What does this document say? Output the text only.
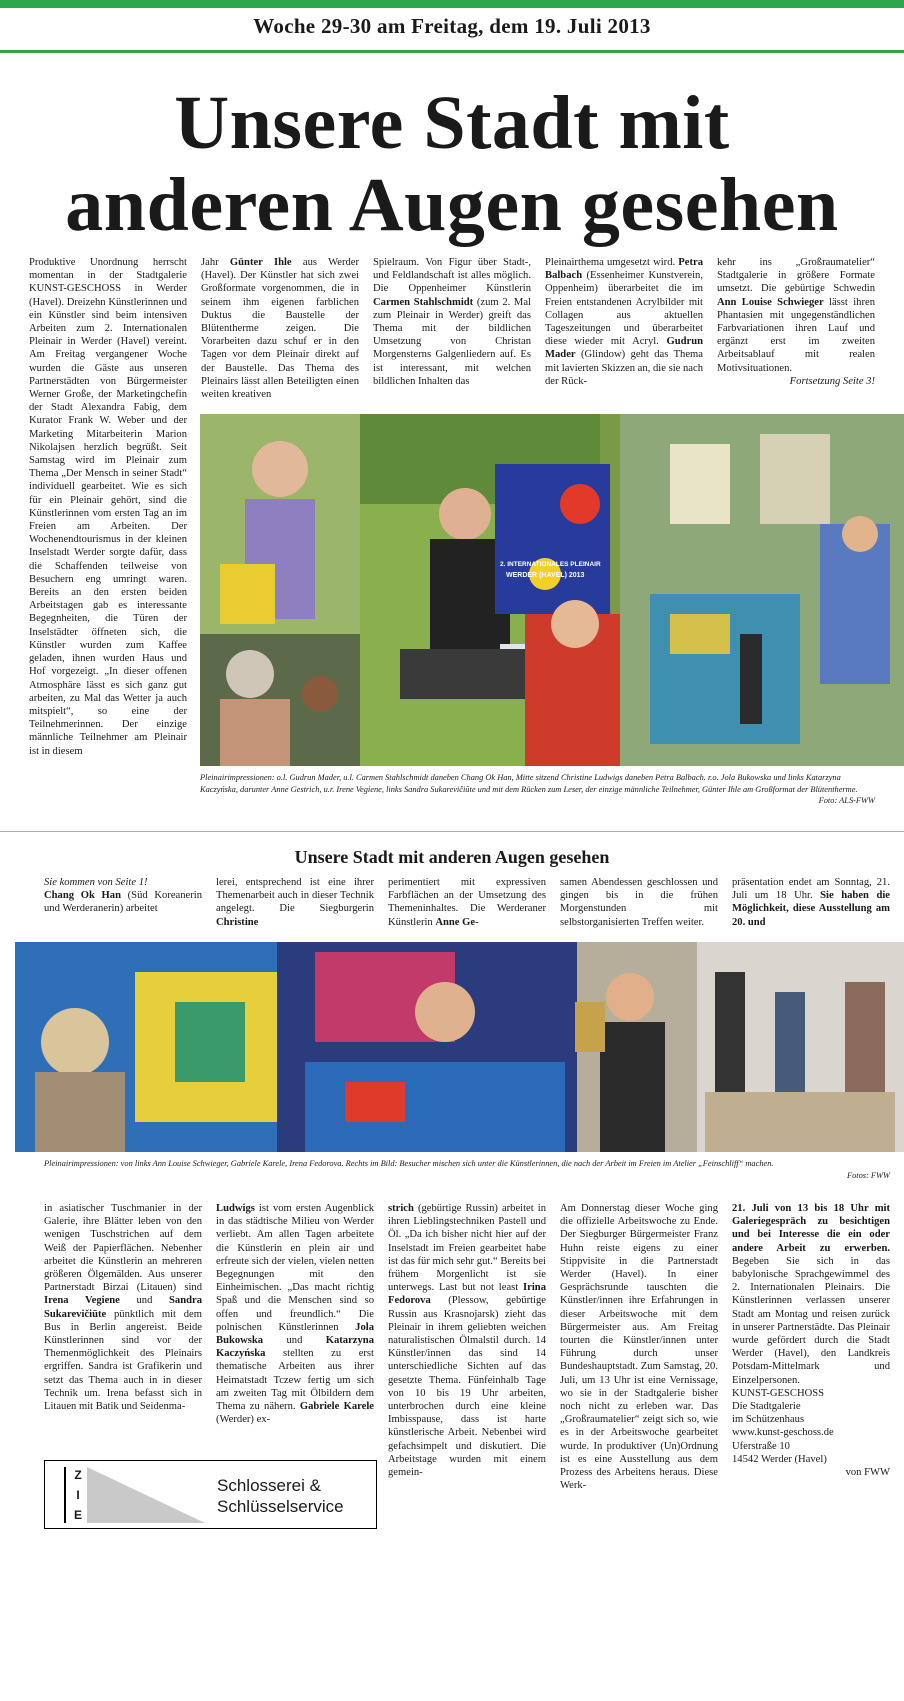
Woche 29-30 am Freitag, dem 19. Juli 2013
Unsere Stadt mit
anderen Augen gesehen

Produktive Unordnung herrscht momentan in der Stadtgalerie KUNST-GESCHOSS in Werder (Havel). Dreizehn Künstlerinnen und ein Künstler sind beim intensiven Arbeiten zum 2. Internationalen Pleinair in Werder (Havel) vereint. Am Freitag vergangener Woche wurden die Gäste aus unseren Partnerstädten von Bürgermeister Werner Große, der Marketingchefin der Stadt Alexandra Fabig, dem Kurator Frank W. Weber und der Marketing Mitarbeiterin Marion Nikolajsen herzlich begrüßt. Seit Samstag wird im Pleinair zum Thema „Der Mensch in seiner Stadt“ individuell gearbeitet. Wie es sich für ein Pleinair gehört, sind die Künstlerinnen vom ersten Tag an im Freien am Arbeiten. Der Wochenendtourismus in der kleinen Inselstadt Werder sorgte dafür, dass die Schaffenden teilweise von Besuchern eng umringt waren. Bereits an den ersten beiden Arbeitstagen gab es interessante Begegnheiten, die Türen der Inselstädter öffneten sich, die Künstler wurden zum Kaffee geladen, ihnen wurden Haus und Hof vorgezeigt. „In dieser offenen Atmosphäre lässt es sich ganz gut arbeiten, zu Mal das Wetter ja auch mitspielt“, so eine der Teilnehmerinnen. Der einzige männliche Teilnehmer am Pleinair ist in diesem

Jahr Günter Ihle aus Werder (Havel). Der Künstler hat sich zwei Großformate vorgenommen, die in seinem ihm eigenen farblichen Duktus die Baustelle der Blütentherme zeigen. Die Vorarbeiten dazu schuf er in den Tagen vor dem Pleinair direkt auf der Baustelle. Das Thema des Pleinairs lässt allen Beteiligten einen weiten kreativen

Spielraum. Von Figur über Stadt-, und Feldlandschaft ist alles möglich. Die Oppenheimer Künstlerin Carmen Stahlschmidt (zum 2. Mal zum Pleinair in Werder) greift das Thema mit der bildlichen Umsetzung von Christan Morgensterns Galgenliedern auf. Es ist interessant, mit welchen bildlichen Inhalten das

Pleinairthema umgesetzt wird. Petra Balbach (Essenheimer Kunstverein, Oppenheim) überarbeitet die im Freien entstandenen Acrylbilder mit Collagen aus aktuellen Tageszeitungen und überarbeitet diese wieder mit Acryl. Gudrun Mader (Glindow) geht das Thema mit lavierten Skizzen an, die sie nach der Rück-

kehr ins „Großraumatelier“ Stadtgalerie in größere Formate umsetzt. Die gebürtige Schwedin Ann Louise Schwieger lässt ihren Phantasien mit ungegenständlichen Farbvariationen ihren Lauf und ergänzt erst im zweiten Arbeitsablauf mit realen Motivsituationen.

Fortsetzung Seite 3!

2. INTERNATIONALES PLEINAIR
WERDER (HAVEL) 2013
Pleinairimpressionen: o.l. Gudrun Mader, u.l. Carmen Stahlschmidt daneben Chang Ok Han, Mitte sitzend Christine Ludwigs daneben Petra Balbach. r.o. Jola Bukowska und links Katarzyna Kaczyńska, darunter Anne Gestrich, u.r. Irene Vegiene, links Sandra Sukarevičiūte und mit dem Rücken zum Leser, der einzige männliche Teilnehmer, Günter Ihle am Großformat der Blütentherme.
Foto: ALS-FWW
Unsere Stadt mit anderen Augen gesehen

Sie kommen von Seite 1!

Chang Ok Han (Süd Koreanerin und Werderanerin) arbeitet

lerei, entsprechend ist eine ihrer Themenarbeit auch in dieser Technik angelegt. Die Siegburgerin Christine

perimentiert mit expressiven Farbflächen an der Umsetzung des Themeninhaltes. Die Werderaner Künstlerin Anne Ge-

samen Abendessen geschlossen und gingen bis in die frühen Morgenstunden mit selbstorganisierten Treffen weiter.

präsentation endet am Sonntag, 21. Juli um 18 Uhr. Sie haben die Möglichkeit, diese Ausstellung am 20. und

Pleinairimpressionen: von links Ann Louise Schwieger, Gabriele Karele, Irena Fedorova. Rechts im Bild: Besucher mischen sich unter die Künstlerinnen, die nach der Arbeit im Freien im Atelier „Feinschliff“ machen.
Fotos: FWW

in asiatischer Tuschmanier in der Galerie, ihre Blätter leben von den wenigen Tuschstrichen auf dem Weiß der Papierflächen. Nebenher arbeitet die Künstlerin an mehreren größeren Ölgemälden. Aus unserer Partnerstadt Birzai (Litauen) sind Irena Vegiene und Sandra Sukarevičiūte pünktlich mit dem Bus in Berlin angereist. Beide Künstlerinnen sind vor der Themenmöglichkeit des Pleinairs ergriffen. Sandra ist Grafikerin und setzt das Thema auch in in dieser Technik um. Irena befasst sich in Litauen mit Batik und Seidenma-

Ludwigs ist vom ersten Augenblick in das städtische Milieu von Werder verliebt. Am allen Tagen arbeitete die Künstlerin en plein air und erfreute sich der vielen, vielen netten Begegnungen mit den Einheimischen. „Das macht richtig Spaß und die Menschen sind so offen und freundlich.“ Die polnischen Künstlerinnen Jola Bukowska und Katarzyna Kaczyńska stellten zu erst thematische Arbeiten aus ihrer Heimatstadt Tczew fertig um sich am zweiten Tag mit Ölbildern dem Thema zu nähern. Gabriele Karele (Werder) ex-

strich (gebürtige Russin) arbeitet in ihren Lieblingstechniken Pastell und Öl. „Da ich bisher nicht hier auf der Inselstadt im Freien gearbeitet habe ist das für mich sehr gut.“ Bereits bei frühem Morgenlicht ist sie unterwegs. Last but not least Irina Fedorova (Plessow, gebürtige Russin aus Krasnojarsk) zieht das Pleinair in ihrem geliebten weichen naturalistischen Ölmalstil durch. 14 Künstler/innen das sind 14 unterschiedliche Sichten auf das gesetzte Thema. Fünfeinhalb Tage von 10 bis 19 Uhr arbeiten, unterbrochen durch eine kleine Imbisspause, dass ist harte künstlerische Arbeit. Nebenbei wird gefachsimpelt und diskutiert. Die Arbeitstage wurden mit einem gemein-

Am Donnerstag dieser Woche ging die offizielle Arbeitswoche zu Ende. Der Siegburger Bürgermeister Franz Huhn reiste eigens zu einer Stippvisite in die Partnerstadt Werder (Havel). In einer Gesprächsrunde tauschten die Künstler/innen ihre Erfahrungen in dieser Arbeitswoche mit dem Bürgermeister aus. Am Freitag tourten die Künstler/innen unter Führung durch unser Bundeshauptstadt. Zum Samstag, 20. Juli, um 13 Uhr ist eine Vernissage, wo sie in der Stadtgalerie bisher noch nicht zu erleben war. Das „Großraumatelier“ zeigt sich so, wie es in der Arbeitswoche gearbeitet wurde. In produktiver (Un)Ordnung ist es eine Ausstellung aus dem Prozess des Arbeitens heraus. Diese Werk-

21. Juli von 13 bis 18 Uhr mit Galeriegespräch zu besichtigen und bei Interesse die ein oder andere Arbeit zu erwerben. Begeben Sie sich in das babylonische Sprachgewimmel des 2. Internationalen Pleinairs. Die Künstlerinnen verlassen unserer Stadt am Montag und reisen zurück in unserer Partnerstädte. Das Pleinair wurde gefördert durch die Stadt Werder (Havel), den Landkreis Potsdam-Mittelmark und Einzelpersonen.

KUNST-GESCHOSS
Die Stadtgalerie
im Schützenhaus
www.kunst-geschoss.de
Uferstraße 10
14542 Werder (Havel)

von FWW

Z
I
E
Schlosserei &
Schlüsselservice
